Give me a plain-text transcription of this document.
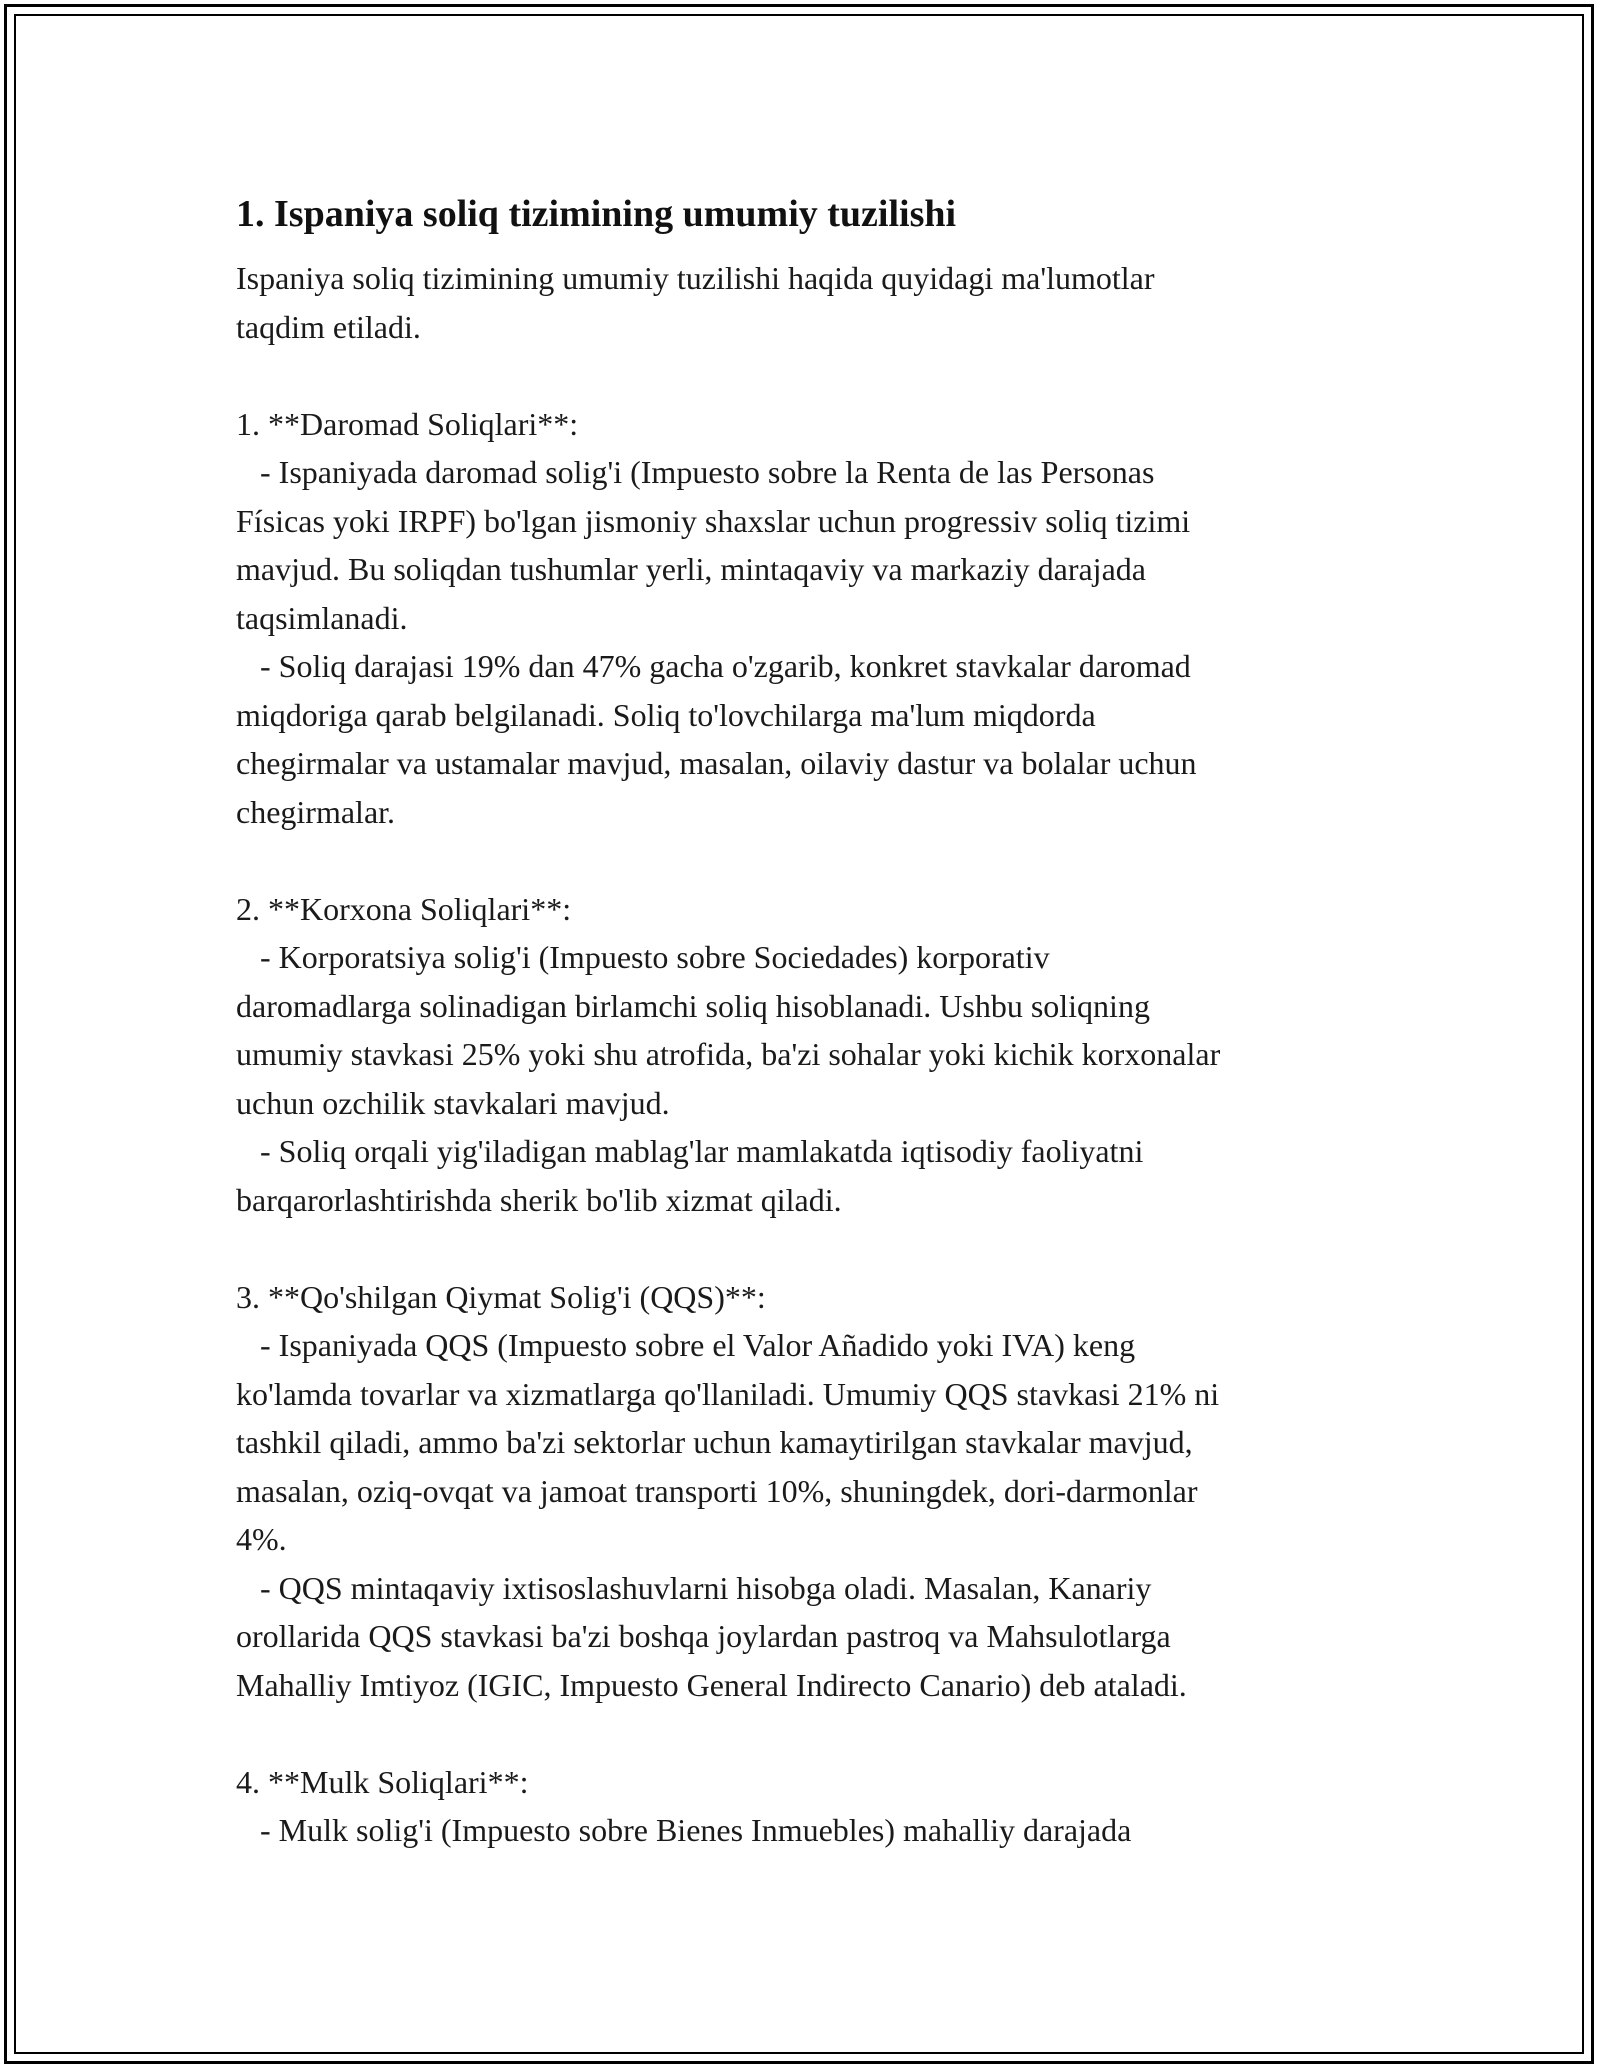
1. Ispaniya soliq tizimining umumiy tuzilishi

Ispaniya soliq tizimining umumiy tuzilishi haqida quyidagi ma'lumotlar
taqdim etiladi.

1. **Daromad Soliqlari**:
- Ispaniyada daromad solig'i (Impuesto sobre la Renta de las Personas
Físicas yoki IRPF) bo'lgan jismoniy shaxslar uchun progressiv soliq tizimi
mavjud. Bu soliqdan tushumlar yerli, mintaqaviy va markaziy darajada
taqsimlanadi.
- Soliq darajasi 19% dan 47% gacha o'zgarib, konkret stavkalar daromad
miqdoriga qarab belgilanadi. Soliq to'lovchilarga ma'lum miqdorda
chegirmalar va ustamalar mavjud, masalan, oilaviy dastur va bolalar uchun
chegirmalar.

2. **Korxona Soliqlari**:
- Korporatsiya solig'i (Impuesto sobre Sociedades) korporativ
daromadlarga solinadigan birlamchi soliq hisoblanadi. Ushbu soliqning
umumiy stavkasi 25% yoki shu atrofida, ba'zi sohalar yoki kichik korxonalar
uchun ozchilik stavkalari mavjud.
- Soliq orqali yig'iladigan mablag'lar mamlakatda iqtisodiy faoliyatni
barqarorlashtirishda sherik bo'lib xizmat qiladi.

3. **Qo'shilgan Qiymat Solig'i (QQS)**:
- Ispaniyada QQS (Impuesto sobre el Valor Añadido yoki IVA) keng
ko'lamda tovarlar va xizmatlarga qo'llaniladi. Umumiy QQS stavkasi 21% ni
tashkil qiladi, ammo ba'zi sektorlar uchun kamaytirilgan stavkalar mavjud,
masalan, oziq-ovqat va jamoat transporti 10%, shuningdek, dori-darmonlar
4%.
- QQS mintaqaviy ixtisoslashuvlarni hisobga oladi. Masalan, Kanariy
orollarida QQS stavkasi ba'zi boshqa joylardan pastroq va Mahsulotlarga
Mahalliy Imtiyoz (IGIC, Impuesto General Indirecto Canario) deb ataladi.

4. **Mulk Soliqlari**:
- Mulk solig'i (Impuesto sobre Bienes Inmuebles) mahalliy darajada
